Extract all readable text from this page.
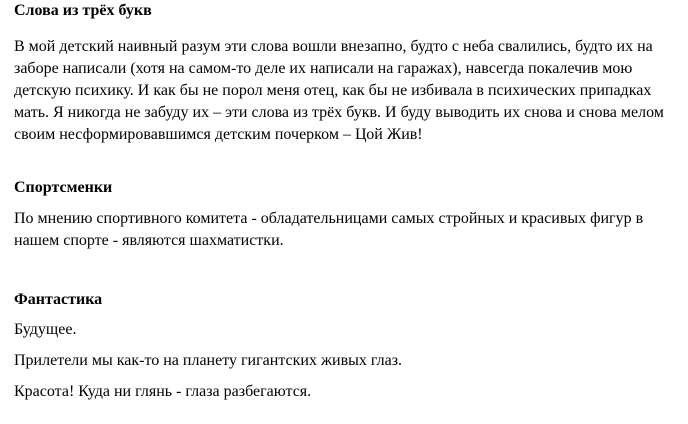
Слова из трёх букв

В мой детский наивный разум эти слова вошли внезапно, будто с неба свалились, будто их на заборе написали (хотя на самом-то деле их написали на гаражах), навсегда покалечив мою детскую психику. И как бы не порол меня отец, как бы не избивала в психических припадках мать. Я никогда не забуду их – эти слова из трёх букв. И буду выводить их снова и снова мелом своим несформировавшимся детским почерком – Цой Жив!

Спортсменки

По мнению спортивного комитета - обладательницами самых стройных и красивых фигур в нашем спорте - являются шахматистки.

Фантастика

Будущее.

Прилетели мы как-то на планету гигантских живых глаз.

Красота! Куда ни глянь - глаза разбегаются.
